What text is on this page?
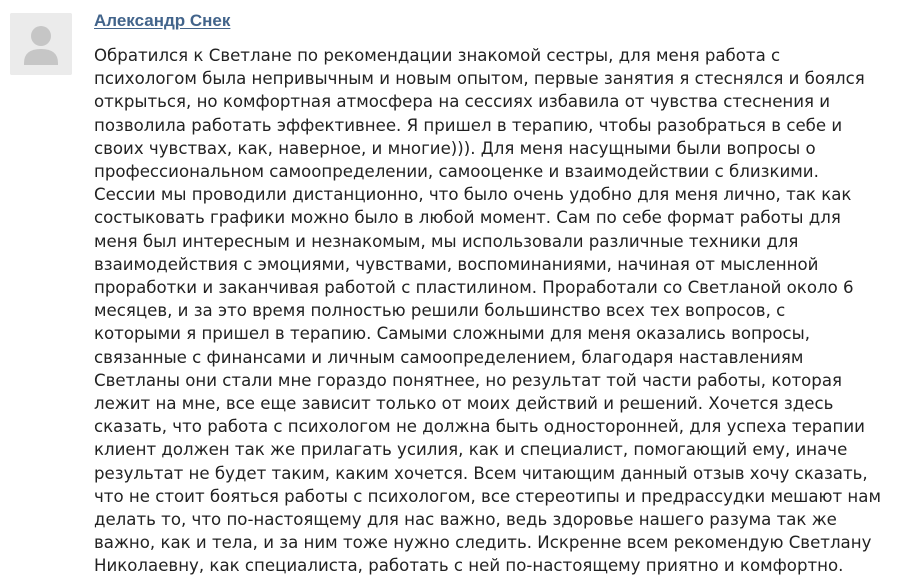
Александр Снек

Обратился к Светлане по рекомендации знакомой сестры, для меня работа с
психологом была непривычным и новым опытом, первые занятия я стеснялся и боялся
открыться, но комфортная атмосфера на сессиях избавила от чувства стеснения и
позволила работать эффективнее. Я пришел в терапию, чтобы разобраться в себе и
своих чувствах, как, наверное, и многие))). Для меня насущными были вопросы о
профессиональном самоопределении, самооценке и взаимодействии с близкими.
Сессии мы проводили дистанционно, что было очень удобно для меня лично, так как
состыковать графики можно было в любой момент. Сам по себе формат работы для
меня был интересным и незнакомым, мы использовали различные техники для
взаимодействия с эмоциями, чувствами, воспоминаниями, начиная от мысленной
проработки и заканчивая работой с пластилином. Проработали со Светланой около 6
месяцев, и за это время полностью решили большинство всех тех вопросов, с
которыми я пришел в терапию. Самыми сложными для меня оказались вопросы,
связанные с финансами и личным самоопределением, благодаря наставлениям
Светланы они стали мне гораздо понятнее, но результат той части работы, которая
лежит на мне, все еще зависит только от моих действий и решений. Хочется здесь
сказать, что работа с психологом не должна быть односторонней, для успеха терапии
клиент должен так же прилагать усилия, как и специалист, помогающий ему, иначе
результат не будет таким, каким хочется. Всем читающим данный отзыв хочу сказать,
что не стоит бояться работы с психологом, все стереотипы и предрассудки мешают нам
делать то, что по-настоящему для нас важно, ведь здоровье нашего разума так же
важно, как и тела, и за ним тоже нужно следить. Искренне всем рекомендую Светлану
Николаевну, как специалиста, работать с ней по-настоящему приятно и комфортно.
